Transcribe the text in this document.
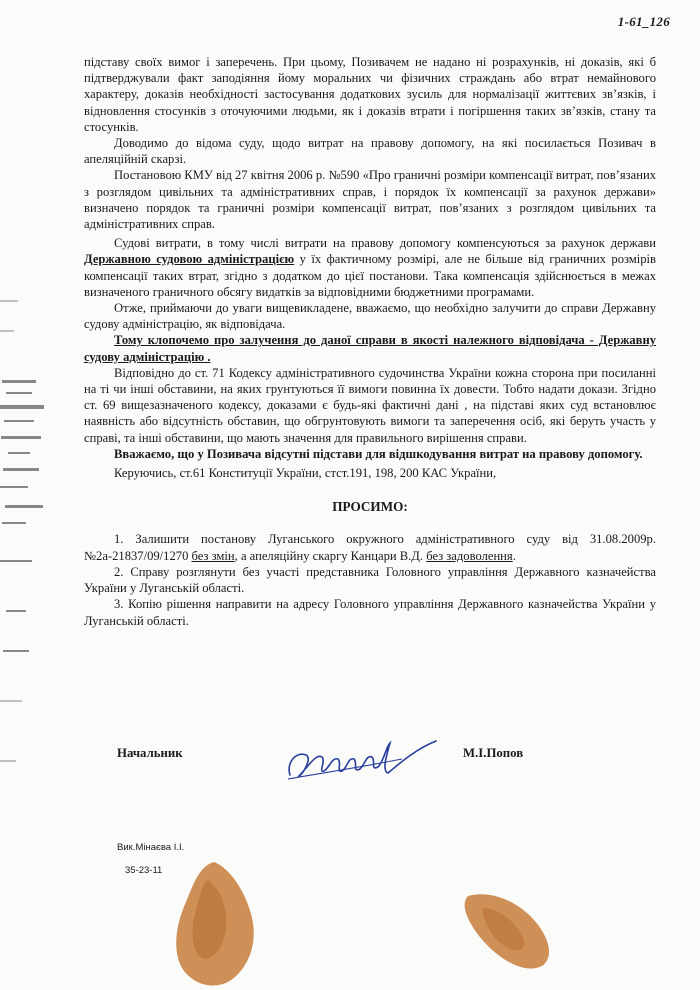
1-61_126

підставу своїх вимог і заперечень. При цьому, Позивачем не надано ні розрахунків, ні доказів, які б підтверджували факт заподіяння йому моральних чи фізичних страждань або втрат немайнового характеру, доказів необхідності застосування додаткових зусиль для нормалізації життєвих зв’язків, і відновлення стосунків з оточуючими людьми, як і доказів втрати і погіршення таких зв’язків, стану та стосунків.

Доводимо до відома суду, щодо витрат на правову допомогу, на які посилається Позивач в апеляційній скарзі.

Постановою КМУ від 27 квітня 2006 р. №590 «Про граничні розміри компенсації витрат, пов’язаних з розглядом цивільних та адміністративних справ, і порядок їх компенсації за рахунок держави» визначено порядок та граничні розміри компенсації витрат, пов’язаних з розглядом цивільних та адміністративних справ.

Судові витрати, в тому числі витрати на правову допомогу компенсуються за рахунок держави Державною судовою адміністрацією у їх фактичному розмірі, але не більше від граничних розмірів компенсації таких втрат, згідно з додатком до цієї постанови. Така компенсація здійснюється в межах визначеного граничного обсягу видатків за відповідними бюджетними програмами.

Отже, приймаючи до уваги вищевикладене, вважаємо, що необхідно залучити до справи Державну судову адміністрацію, як відповідача.

Тому клопочемо про залучення до даної справи в якості належного відповідача - Державну судову адміністрацію .

Відповідно до ст. 71 Кодексу адміністративного судочинства України кожна сторона при посиланні на ті чи інші обставини, на яких грунтуються її вимоги повинна їх довести. Тобто надати докази. Згідно ст. 69 вищезазначеного кодексу, доказами є будь-які фактичні дані , на підставі яких суд встановлює наявність або відсутність обставин, що обгрунтовують вимоги та заперечення осіб, які беруть участь у справі, та інші обставини, що мають значення для правильного вирішення справи.

Вважаємо, що у Позивача відсутні підстави для відшкодування витрат на правову допомогу.

Керуючись, ст.61 Конституції України, стст.191, 198, 200 КАС України,

ПРОСИМО:

1. Залишити постанову Луганського окружного адміністративного суду від 31.08.2009р. №2а-21837/09/1270 без змін, а апеляційну скаргу Канцари В.Д. без задоволення.

2. Справу розглянути без участі представника Головного управління Державного казначейства України у Луганській області.

3. Копію рішення направити на адресу Головного управління Державного казначейства України у Луганській області.

Начальник	М.І.Попов
Вик.Мінаєва І.І.
35-23-11
